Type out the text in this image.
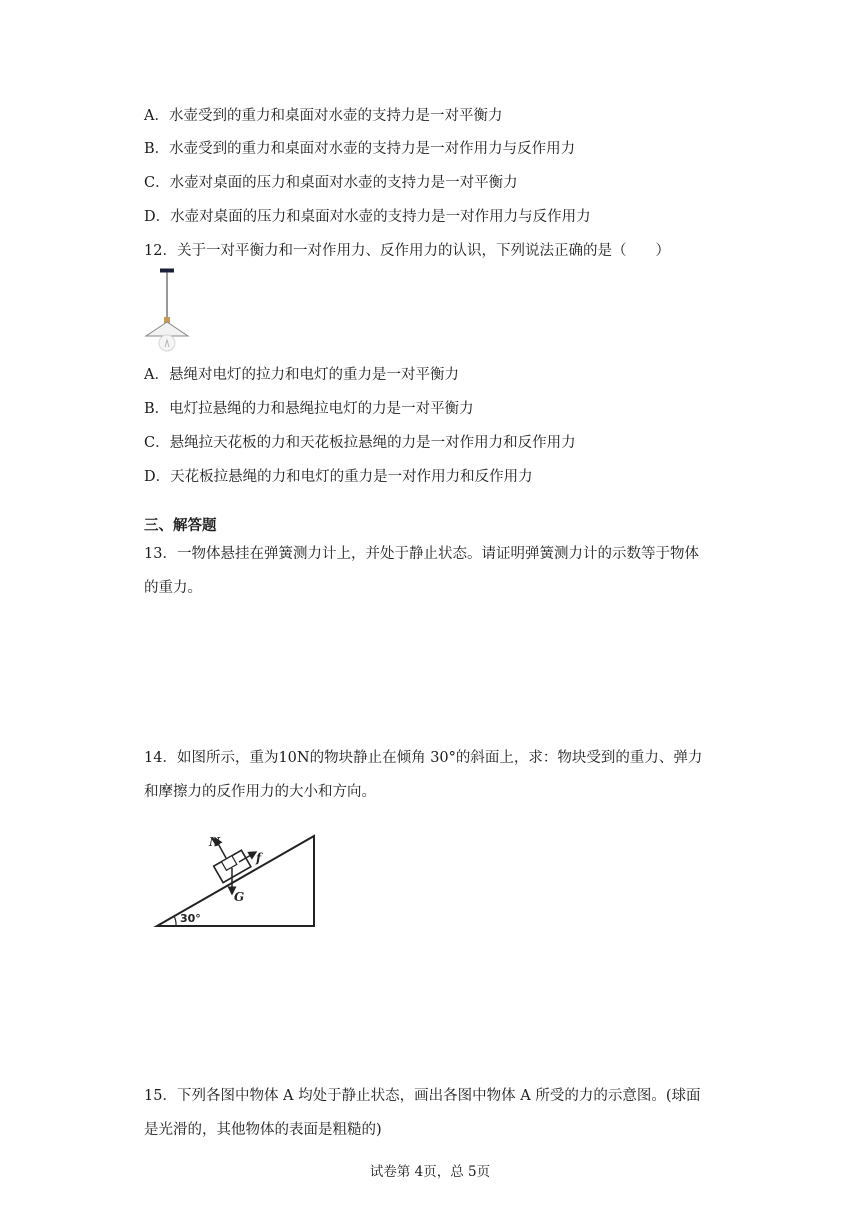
A．水壶受到的重力和桌面对水壶的支持力是一对平衡力
B．水壶受到的重力和桌面对水壶的支持力是一对作用力与反作用力
C．水壶对桌面的压力和桌面对水壶的支持力是一对平衡力
D．水壶对桌面的压力和桌面对水壶的支持力是一对作用力与反作用力
12．关于一对平衡力和一对作用力、反作用力的认识，下列说法正确的是（　　）
A．悬绳对电灯的拉力和电灯的重力是一对平衡力
B．电灯拉悬绳的力和悬绳拉电灯的力是一对平衡力
C．悬绳拉天花板的力和天花板拉悬绳的力是一对作用力和反作用力
D．天花板拉悬绳的力和电灯的重力是一对作用力和反作用力
三、解答题
13．一物体悬挂在弹簧测力计上，并处于静止状态。请证明弹簧测力计的示数等于物体
的重力。
14．如图所示，重为10N的物块静止在倾角 30°的斜面上，求：物块受到的重力、弹力
和摩擦力的反作用力的大小和方向。
N
f
G
30°
15．下列各图中物体 A 均处于静止状态，画出各图中物体 A 所受的力的示意图。(球面
是光滑的，其他物体的表面是粗糙的)
试卷第 4页，总 5页
